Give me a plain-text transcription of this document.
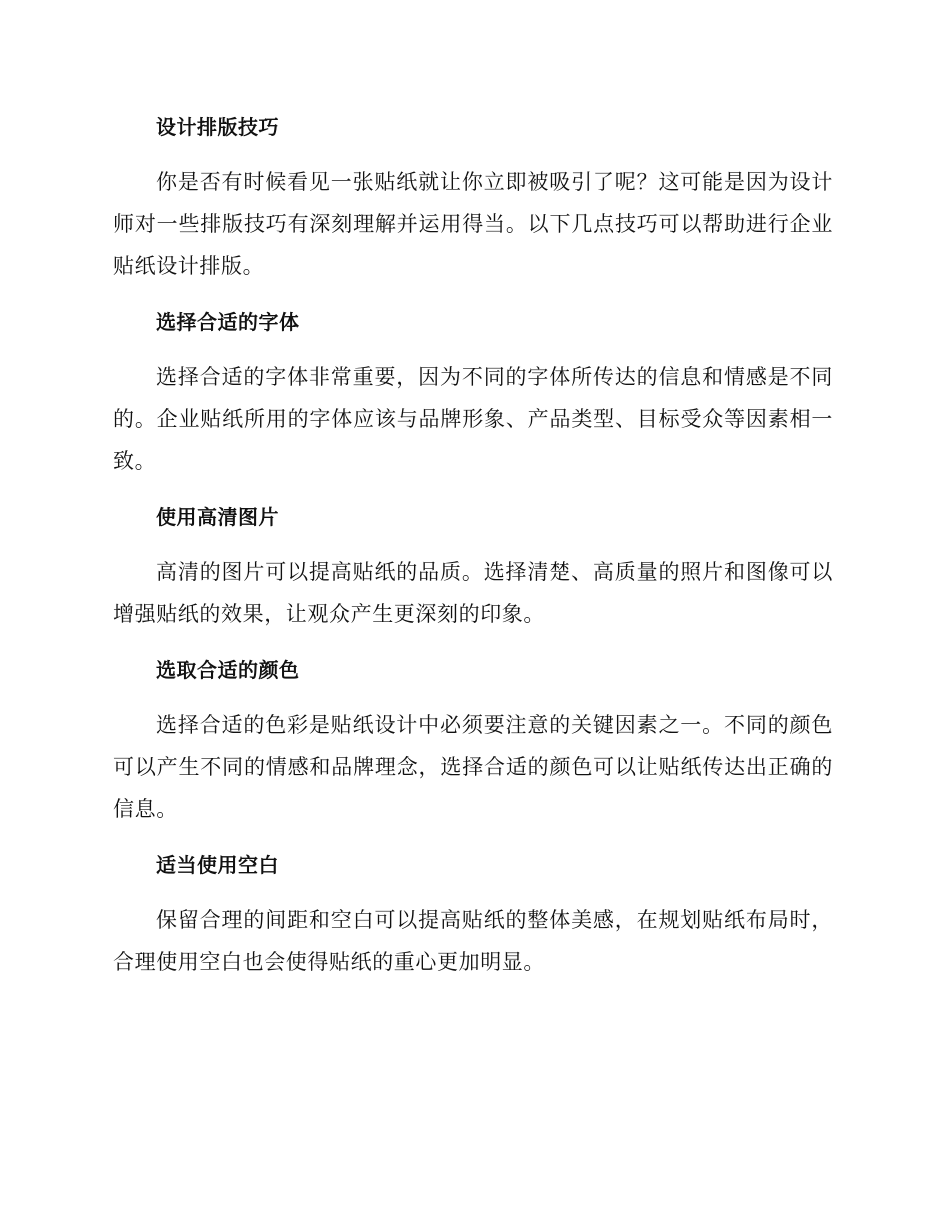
设计排版技巧

你是否有时候看见一张贴纸就让你立即被吸引了呢？这可能是因为设计师对一些排版技巧有深刻理解并运用得当。以下几点技巧可以帮助进行企业贴纸设计排版。

选择合适的字体

选择合适的字体非常重要，因为不同的字体所传达的信息和情感是不同的。企业贴纸所用的字体应该与品牌形象、产品类型、目标受众等因素相一致。

使用高清图片

高清的图片可以提高贴纸的品质。选择清楚、高质量的照片和图像可以增强贴纸的效果，让观众产生更深刻的印象。

选取合适的颜色

选择合适的色彩是贴纸设计中必须要注意的关键因素之一。不同的颜色可以产生不同的情感和品牌理念，选择合适的颜色可以让贴纸传达出正确的信息。

适当使用空白

保留合理的间距和空白可以提高贴纸的整体美感，在规划贴纸布局时，合理使用空白也会使得贴纸的重心更加明显。
